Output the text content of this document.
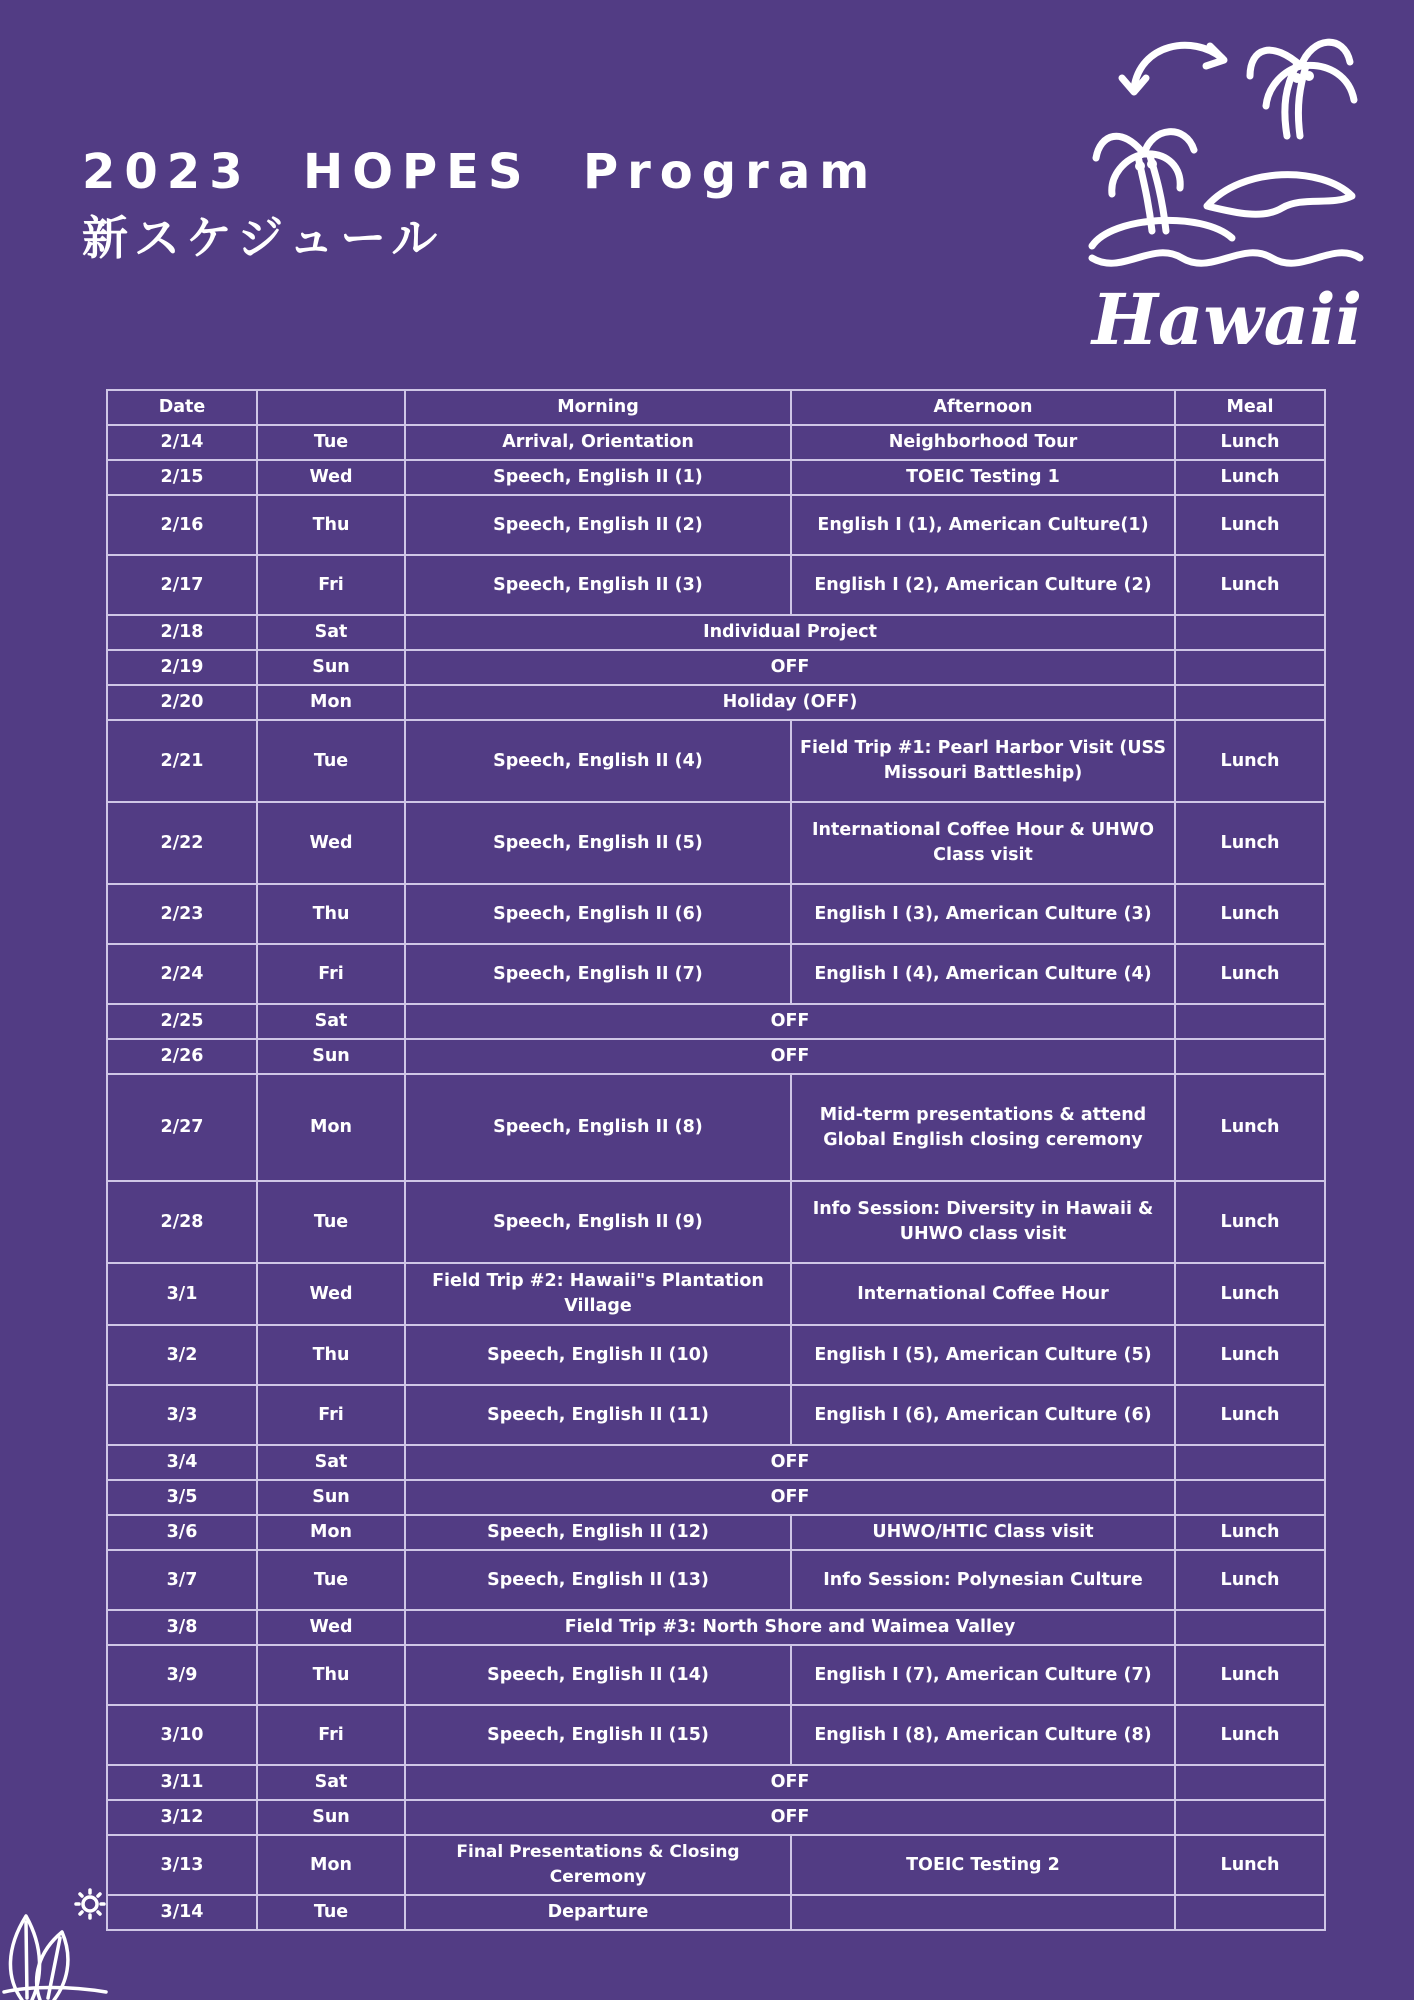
2023  HOPES  Program
新スケジュール
Hawaii
Date		Morning	Afternoon	Meal
2/14	Tue	Arrival, Orientation	Neighborhood Tour	Lunch
2/15	Wed	Speech, English II (1)	TOEIC Testing 1	Lunch
2/16	Thu	Speech, English II (2)	English I (1), American Culture(1)	Lunch
2/17	Fri	Speech, English II (3)	English I (2), American Culture (2)	Lunch
2/18	Sat	Individual Project		
2/19	Sun	OFF		
2/20	Mon	Holiday (OFF)		
2/21	Tue	Speech, English II (4)	Field Trip #1: Pearl Harbor Visit (USS Missouri Battleship)	Lunch
2/22	Wed	Speech, English II (5)	International Coffee Hour & UHWO Class visit	Lunch
2/23	Thu	Speech, English II (6)	English I (3), American Culture (3)	Lunch
2/24	Fri	Speech, English II (7)	English I (4), American Culture (4)	Lunch
2/25	Sat	OFF		
2/26	Sun	OFF		
2/27	Mon	Speech, English II (8)	Mid-term presentations & attend Global English closing ceremony	Lunch
2/28	Tue	Speech, English II (9)	Info Session: Diversity in Hawaii & UHWO class visit	Lunch
3/1	Wed	Field Trip #2: Hawaii"s Plantation Village	International Coffee Hour	Lunch
3/2	Thu	Speech, English II (10)	English I (5), American Culture (5)	Lunch
3/3	Fri	Speech, English II (11)	English I (6), American Culture (6)	Lunch
3/4	Sat	OFF		
3/5	Sun	OFF		
3/6	Mon	Speech, English II (12)	UHWO/HTIC Class visit	Lunch
3/7	Tue	Speech, English II (13)	Info Session: Polynesian Culture	Lunch
3/8	Wed	Field Trip #3: North Shore and Waimea Valley		
3/9	Thu	Speech, English II (14)	English I (7), American Culture (7)	Lunch
3/10	Fri	Speech, English II (15)	English I (8), American Culture (8)	Lunch
3/11	Sat	OFF		
3/12	Sun	OFF		
3/13	Mon	Final Presentations & Closing Ceremony	TOEIC Testing 2	Lunch
3/14	Tue	Departure		
